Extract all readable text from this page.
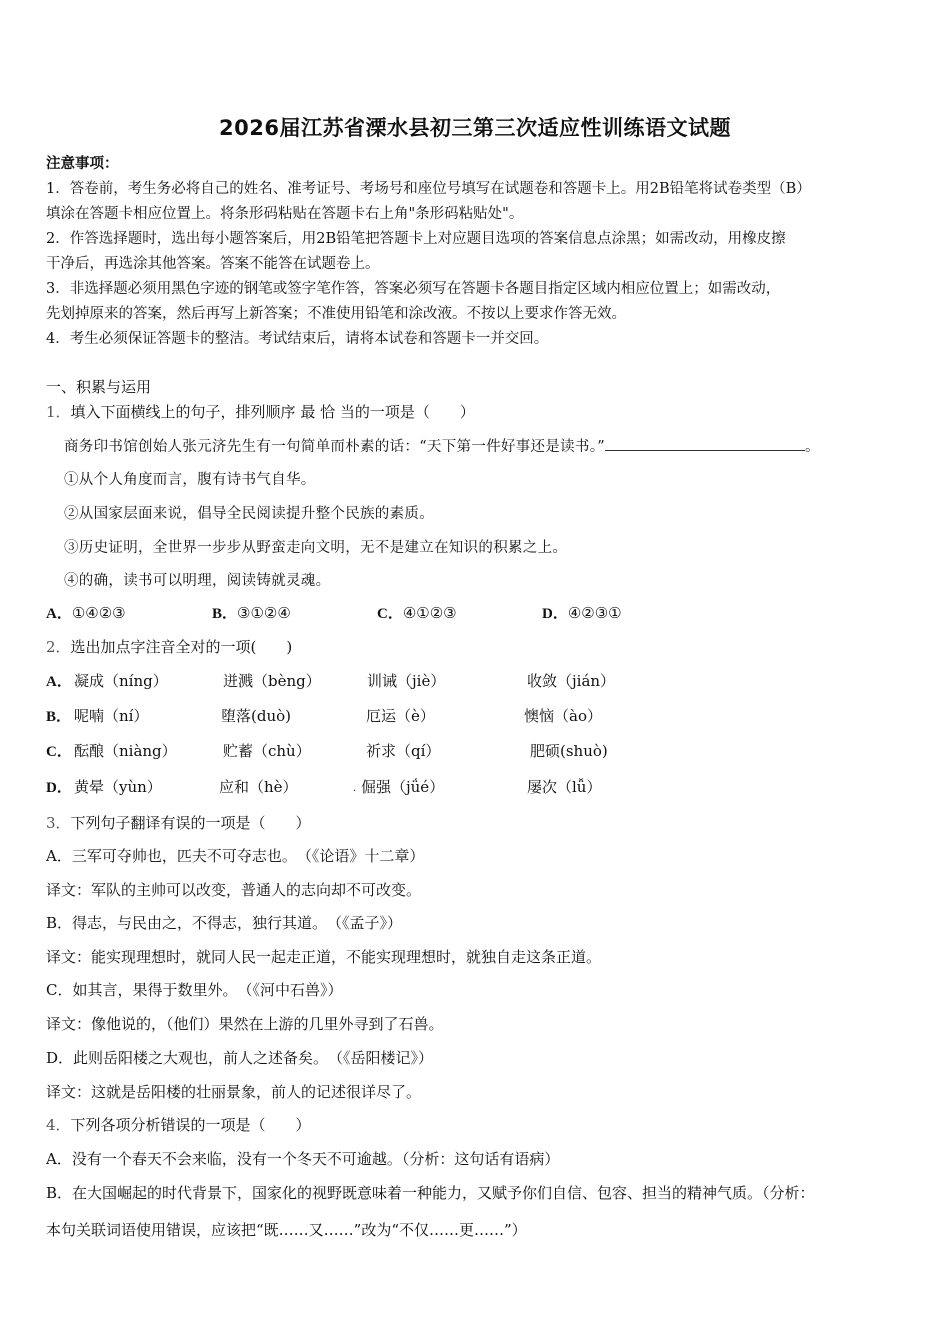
2026届江苏省溧水县初三第三次适应性训练语文试题
注意事项：
1．答卷前，考生务必将自己的姓名、准考证号、考场号和座位号填写在试题卷和答题卡上。用2B铅笔将试卷类型（B）
填涂在答题卡相应位置上。将条形码粘贴在答题卡右上角"条形码粘贴处"。
2．作答选择题时，选出每小题答案后，用2B铅笔把答题卡上对应题目选项的答案信息点涂黑；如需改动，用橡皮擦
干净后，再选涂其他答案。答案不能答在试题卷上。
3．非选择题必须用黑色字迹的钢笔或签字笔作答，答案必须写在答题卡各题目指定区域内相应位置上；如需改动，
先划掉原来的答案，然后再写上新答案；不准使用铅笔和涂改液。不按以上要求作答无效。
4．考生必须保证答题卡的整洁。考试结束后，请将本试卷和答题卡一并交回。
一、积累与运用
1．填入下面横线上的句子，排列顺序 最 恰 当的一项是（　　）
商务印书馆创始人张元济先生有一句简单而朴素的话：“天下第一件好事还是读书。”	。
①从个人角度而言，腹有诗书气自华。
②从国家层面来说，倡导全民阅读提升整个民族的素质。
③历史证明，全世界一步步从野蛮走向文明，无不是建立在知识的积累之上。
④的确，读书可以明理，阅读铸就灵魂。
A．①④②③	B．③①②④	C．④①②③	D．④②③①
2．选出加点字注音全对的一项(　　)
A． 凝成（níng）	迸溅（bèng）	训诫（jiè）	收敛（jián）
B． 呢喃（ní）	堕落(duò)	厄运（è）	懊恼（ào）
C． 酝酿（niàng）	贮蓄（chù）	祈求（qí）	肥硕(shuò)
D． 黄晕（yùn）	应和（hè）	· 倔强（jǘé）	屡次（lǚ）
3．下列句子翻译有误的一项是（　　）
A．三军可夺帅也，匹夫不可夺志也。　（《论语》十二章）
译文：军队的主帅可以改变，普通人的志向却不可改变。
B．得志，与民由之，不得志，独行其道。　（《孟子》）
译文：能实现理想时，就同人民一起走正道，不能实现理想时，就独自走这条正道。
C．如其言，果得于数里外。　（《河中石兽》）
译文：像他说的，（他们）果然在上游的几里外寻到了石兽。
D．此则岳阳楼之大观也，前人之述备矣。　（《岳阳楼记》）
译文：这就是岳阳楼的壮丽景象，前人的记述很详尽了。
4．下列各项分析错误的一项是（　　）
A．没有一个春天不会来临，没有一个冬天不可逾越。（分析：这句话有语病）
B．在大国崛起的时代背景下，国家化的视野既意味着一种能力，又赋予你们自信、包容、担当的精神气质。（分析：
本句关联词语使用错误，应该把“既……又……”改为“不仅……更……”）
